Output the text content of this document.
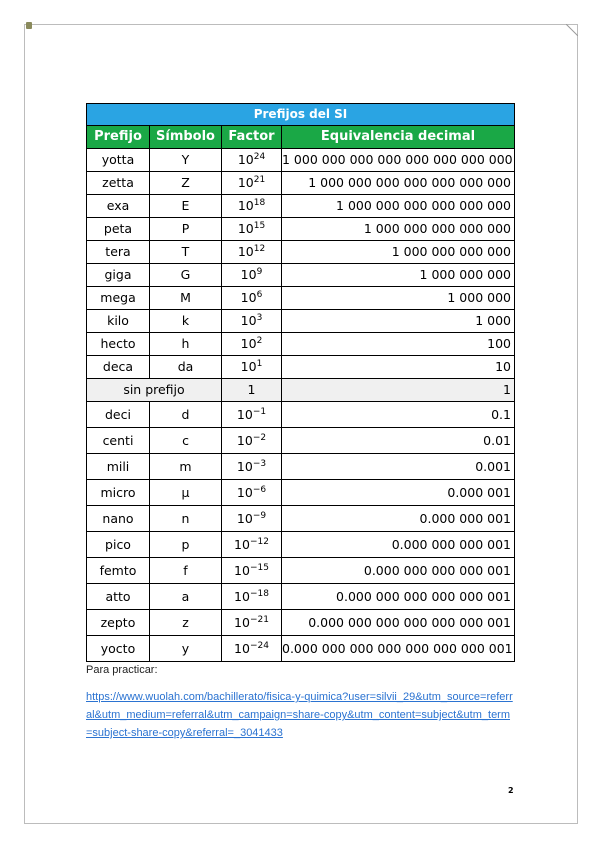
Prefijos del SI			
Prefijo	Símbolo	Factor	Equivalencia decimal
yotta	Y	$10^{24}$	1 000 000 000 000 000 000 000 000
zetta	Z	$10^{21}$	1 000 000 000 000 000 000 000
exa	E	$10^{18}$	1 000 000 000 000 000 000
peta	P	$10^{15}$	1 000 000 000 000 000
tera	T	$10^{12}$	1 000 000 000 000
giga	G	$10^9$	1 000 000 000
mega	M	$10^6$	1 000 000
kilo	k	$10^3$	1 000
hecto	h	$10^2$	100
deca	da	$10^1$	10
sin prefijo		1	1
deci	d	$10^{-1}$	0.1
centi	c	$10^{-2}$	0.01
mili	m	$10^{-3}$	0.001
micro	µ	$10^{-6}$	0.000 001
nano	n	$10^{-9}$	0.000 000 001
pico	p	$10^{-12}$	0.000 000 000 001
femto	f	$10^{-15}$	0.000 000 000 000 001
atto	a	$10^{-18}$	0.000 000 000 000 000 001
zepto	z	$10^{-21}$	0.000 000 000 000 000 000 001
yocto	y	$10^{-24}$	0.000 000 000 000 000 000 000 001
Para practicar:
https://www.wuolah.com/bachillerato/fisica-y-quimica?user=silvii_29&utm_source=referral&utm_medium=referral&utm_campaign=share-copy&utm_content=subject&utm_term=subject-share-copy&referral=_3041433
2
